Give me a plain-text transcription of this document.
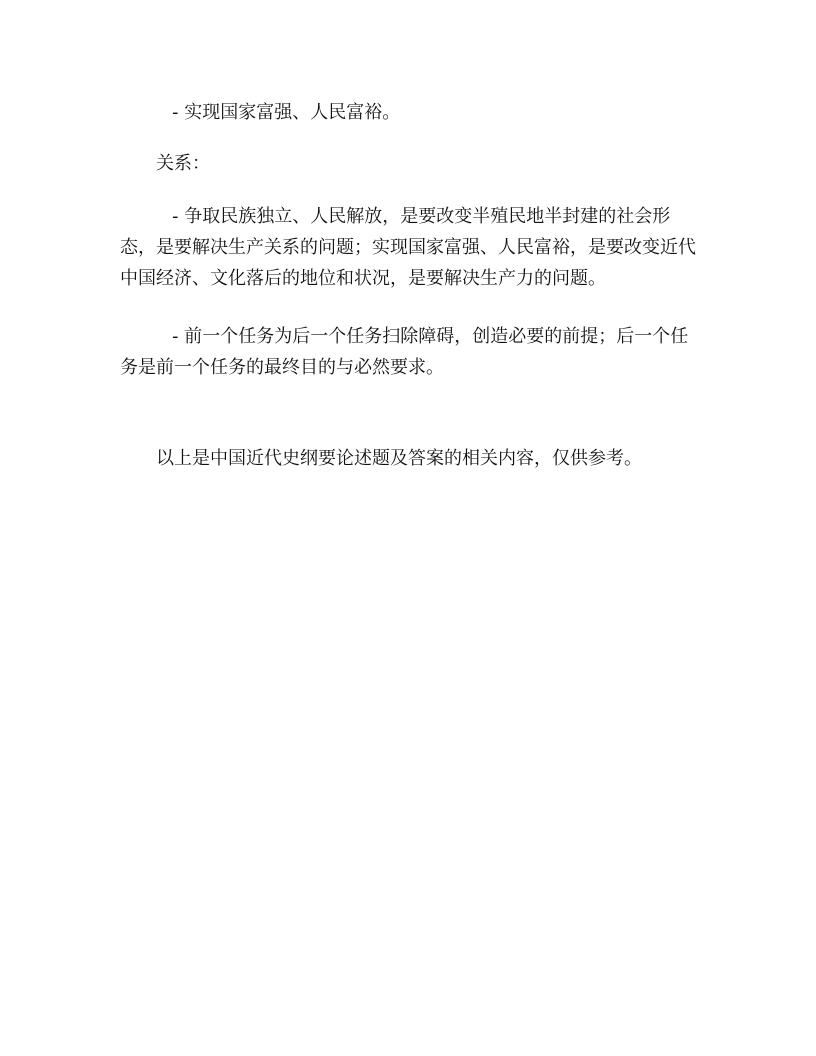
- 实现国家富强、人民富裕。

关系：

- 争取民族独立、人民解放，是要改变半殖民地半封建的社会形态，是要解决生产关系的问题；实现国家富强、人民富裕，是要改变近代中国经济、文化落后的地位和状况，是要解决生产力的问题。

- 前一个任务为后一个任务扫除障碍，创造必要的前提；后一个任务是前一个任务的最终目的与必然要求。

以上是中国近代史纲要论述题及答案的相关内容，仅供参考。
